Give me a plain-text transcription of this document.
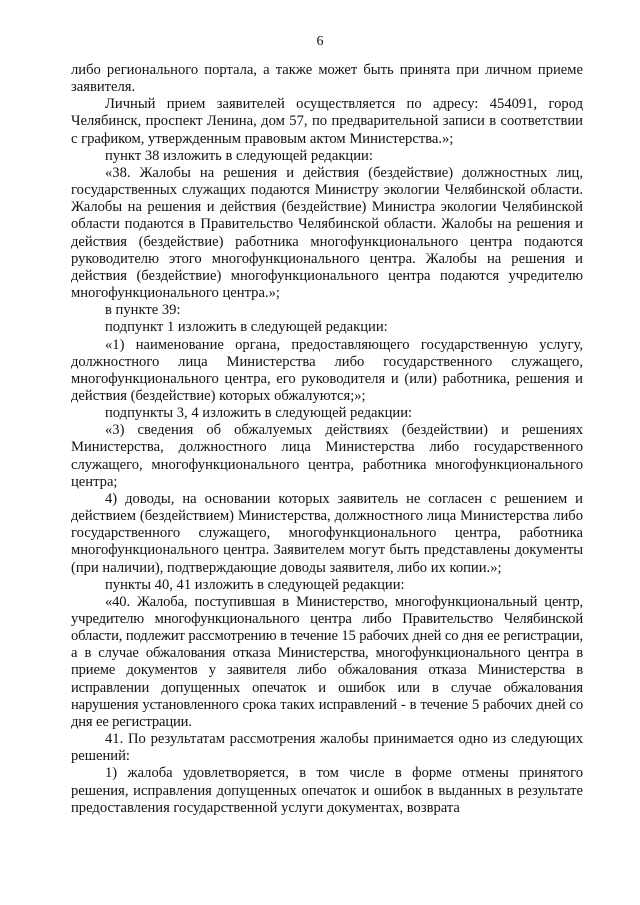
6

либо регионального портала, а также может быть принята при личном приеме заявителя.

Личный прием заявителей осуществляется по адресу: 454091, город Челябинск, проспект Ленина, дом 57, по предварительной записи в соответствии с графиком, утвержденным правовым актом Министерства.»;

пункт 38 изложить в следующей редакции:

«38. Жалобы на решения и действия (бездействие) должностных лиц, государственных служащих подаются Министру экологии Челябинской области. Жалобы на решения и действия (бездействие) Министра экологии Челябинской области подаются в Правительство Челябинской области. Жалобы на решения и действия (бездействие) работника многофункционального центра подаются руководителю этого многофункционального центра. Жалобы на решения и действия (бездействие) многофункционального центра подаются учредителю многофункционального центра.»;

в пункте 39:

подпункт 1 изложить в следующей редакции:

«1) наименование органа, предоставляющего государственную услугу, должностного лица Министерства либо государственного служащего, многофункционального центра, его руководителя и (или) работника, решения и действия (бездействие) которых обжалуются;»;

подпункты 3, 4 изложить в следующей редакции:

«3) сведения об обжалуемых действиях (бездействии) и решениях Министерства, должностного лица Министерства либо государственного служащего, многофункционального центра, работника многофункционального центра;

4) доводы, на основании которых заявитель не согласен с решением и действием (бездействием) Министерства, должностного лица Министерства либо государственного служащего, многофункционального центра, работника многофункционального центра. Заявителем могут быть представлены документы (при наличии), подтверждающие доводы заявителя, либо их копии.»;

пункты 40, 41 изложить в следующей редакции:

«40. Жалоба, поступившая в Министерство, многофункциональный центр, учредителю многофункционального центра либо Правительство Челябинской области, подлежит рассмотрению в течение 15 рабочих дней со дня ее регистрации, а в случае обжалования отказа Министерства, многофункционального центра в приеме документов у заявителя либо обжалования отказа Министерства в исправлении допущенных опечаток и ошибок или в случае обжалования нарушения установленного срока таких исправлений - в течение 5 рабочих дней со дня ее регистрации.

41. По результатам рассмотрения жалобы принимается одно из следующих решений:

1) жалоба удовлетворяется, в том числе в форме отмены принятого решения, исправления допущенных опечаток и ошибок в выданных в результате предоставления государственной услуги документах, возврата
